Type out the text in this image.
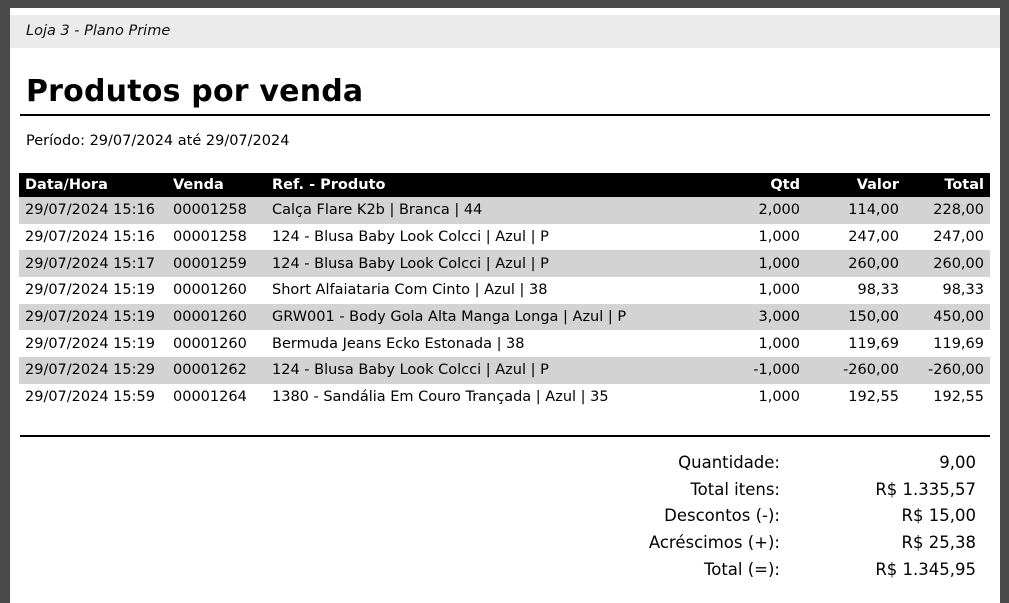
Loja 3 - Plano Prime
Produtos por venda
Período: 29/07/2024 até 29/07/2024
Data/Hora	Venda	Ref. - Produto	Qtd	Valor	Total
29/07/2024 15:16	00001258	Calça Flare K2b | Branca | 44	2,000	114,00	228,00
29/07/2024 15:16	00001258	124 - Blusa Baby Look Colcci | Azul | P	1,000	247,00	247,00
29/07/2024 15:17	00001259	124 - Blusa Baby Look Colcci | Azul | P	1,000	260,00	260,00
29/07/2024 15:19	00001260	Short Alfaiataria Com Cinto | Azul | 38	1,000	98,33	98,33
29/07/2024 15:19	00001260	GRW001 - Body Gola Alta Manga Longa | Azul | P	3,000	150,00	450,00
29/07/2024 15:19	00001260	Bermuda Jeans Ecko Estonada | 38	1,000	119,69	119,69
29/07/2024 15:29	00001262	124 - Blusa Baby Look Colcci | Azul | P	-1,000	-260,00	-260,00
29/07/2024 15:59	00001264	1380 - Sandália Em Couro Trançada | Azul | 35	1,000	192,55	192,55
Quantidade:	9,00
Total itens:	R$ 1.335,57
Descontos (-):	R$ 15,00
Acréscimos (+):	R$ 25,38
Total (=):	R$ 1.345,95
